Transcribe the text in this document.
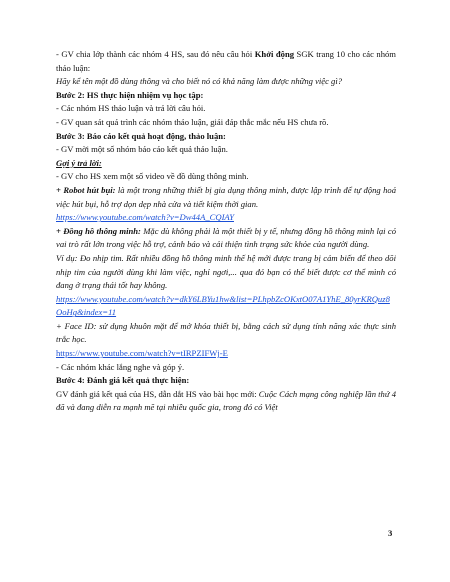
- GV chia lớp thành các nhóm 4 HS, sau đó nêu câu hỏi Khởi động SGK trang 10 cho các nhóm thảo luận:

Hãy kể tên một đồ dùng thông và cho biết nó có khả năng làm được những việc gì?

Bước 2: HS thực hiện nhiệm vụ học tập:

- Các nhóm HS thảo luận và trả lời câu hỏi.

- GV quan sát quá trình các nhóm thảo luận, giải đáp thắc mắc nếu HS chưa rõ.

Bước 3: Báo cáo kết quả hoạt động, thảo luận:

- GV mời một số nhóm báo cáo kết quả thảo luận.

Gợi ý trả lời:

- GV cho HS xem một số video về đồ dùng thông minh.

+ Robot hút bụi: là một trong những thiết bị gia dụng thông minh, được lập trình để tự động hoá việc hút bụi, hỗ trợ dọn dẹp nhà cửa và tiết kiệm thời gian.

https://www.youtube.com/watch?v=Dw44A_CQIAY

+ Đồng hồ thông minh: Mặc dù không phải là một thiết bị y tế, nhưng đồng hồ thông minh lại có vai trò rất lớn trong việc hỗ trợ, cảnh báo và cải thiện tình trạng sức khỏe của người dùng.

Ví dụ: Đo nhịp tim. Rất nhiều đồng hồ thông minh thế hệ mới được trang bị cảm biến để theo dõi nhịp tim của người dùng khi làm việc, nghỉ ngơi,... qua đó bạn có thể biết được cơ thể mình có đang ở trạng thái tốt hay không.

https://www.youtube.com/watch?v=dkY6LBYu1hw&list=PLhpbZcOKxtO07A1YhE_80yrKRQuz8OoHg&index=11

+ Face ID: sử dụng khuôn mặt để mở khóa thiết bị, bằng cách sử dụng tính năng xác thực sinh trắc học.

https://www.youtube.com/watch?v=tIRPZIFWj-E

- Các nhóm khác lắng nghe và góp ý.

Bước 4: Đánh giá kết quả thực hiện:

GV đánh giá kết quả của HS, dẫn dắt HS vào bài học mới: Cuộc Cách mạng công nghiệp lần thứ 4 đã và đang diễn ra mạnh mẽ tại nhiều quốc gia, trong đó có Việt

3
